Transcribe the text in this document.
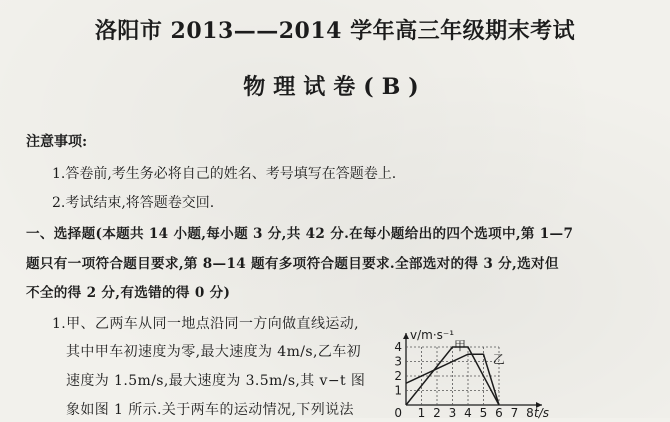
洛阳市 2013——2014 学年高三年级期末考试
物理试卷(B)
注意事项:
1.答卷前,考生务必将自己的姓名、考号填写在答题卷上.
2.考试结束,将答题卷交回.
一、选择题(本题共 14 小题,每小题 3 分,共 42 分.在每小题给出的四个选项中,第 1—7
题只有一项符合题目要求,第 8—14 题有多项符合题目要求.全部选对的得 3 分,选对但
不全的得 2 分,有选错的得 0 分)
1.甲、乙两车从同一地点沿同一方向做直线运动,
其中甲车初速度为零,最大速度为 4m/s,乙车初
速度为 1.5m/s,最大速度为 3.5m/s,其 v−t 图
象如图 1 所示.关于两车的运动情况,下列说法
1
2
3
4
0 1 2 3 4 5 6 7 8
v/m·s⁻¹
t/s
甲
乙
